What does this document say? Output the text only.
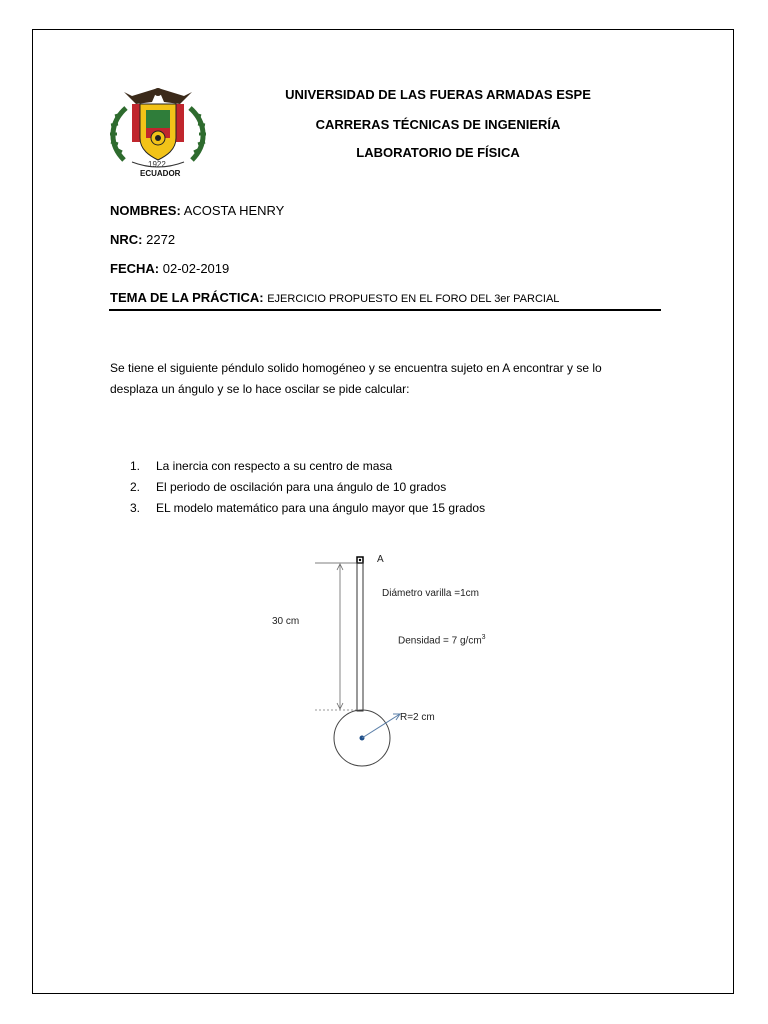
1922
ECUADOR
UNIVERSIDAD DE LAS FUERAS ARMADAS ESPE
CARRERAS TÉCNICAS DE INGENIERÍA
LABORATORIO DE FÍSICA
NOMBRES: ACOSTA HENRY
NRC: 2272
FECHA: 02-02-2019
TEMA DE LA PRÁCTICA: EJERCICIO PROPUESTO EN EL FORO DEL 3er PARCIAL
Se tiene el siguiente péndulo solido homogéneo y se encuentra sujeto en A encontrar y se lo
desplaza un ángulo y se lo hace oscilar se pide calcular:
1. La inercia con respecto a su centro de masa
2. El periodo de oscilación para una ángulo de 10 grados
3. EL modelo matemático para una ángulo mayor que 15 grados
A
30 cm
Diámetro varilla =1cm
Densidad = 7 $g/cm^3$
R=2 cm
